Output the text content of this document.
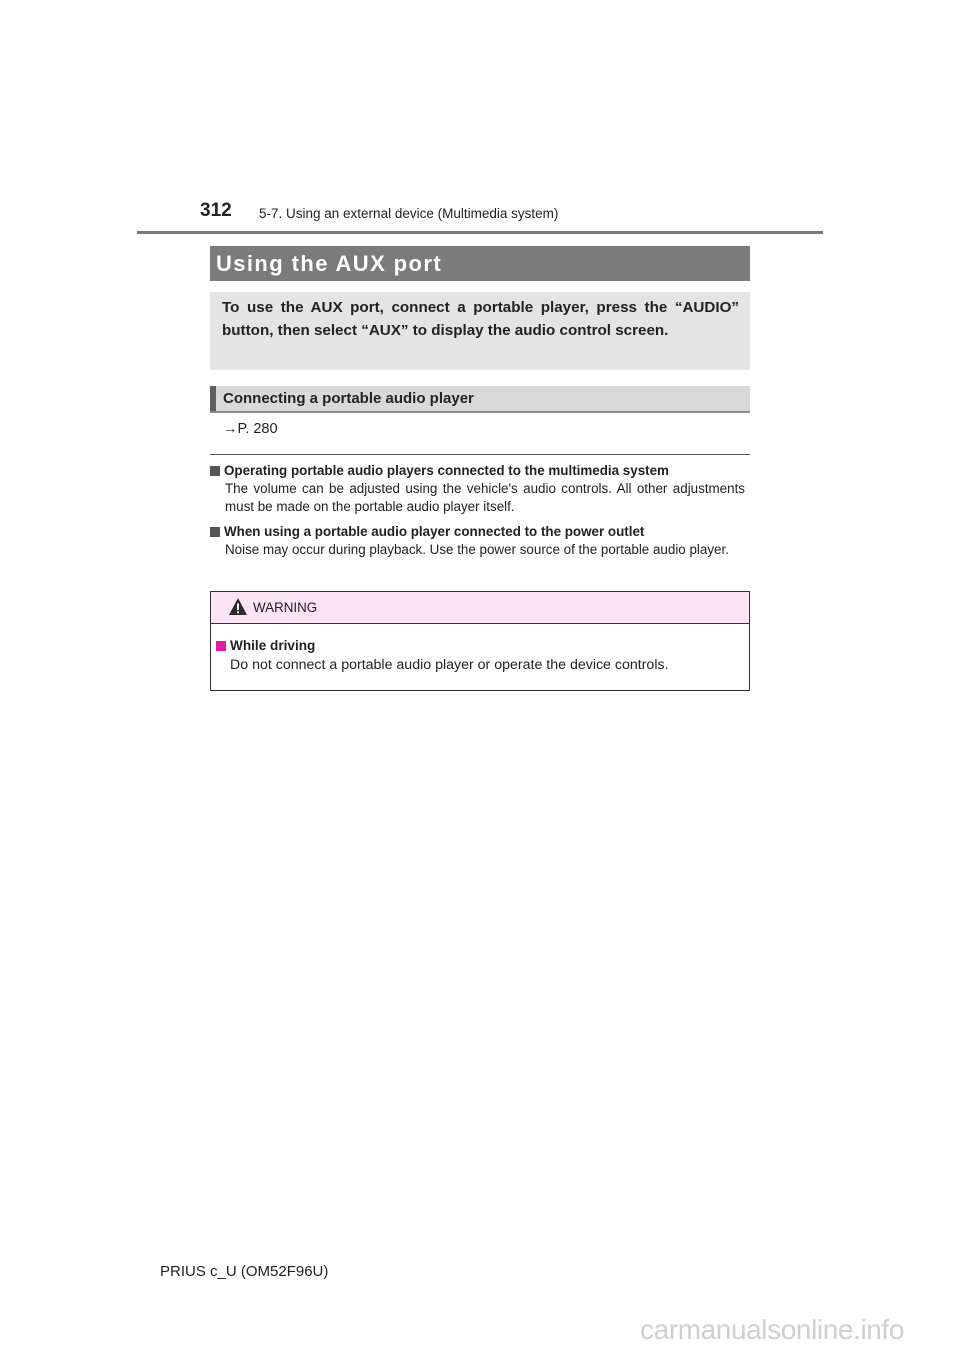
312 5-7. Using an external device (Multimedia system)
Using the AUX port
To use the AUX port, connect a portable player, press the “AUDIO” button, then select “AUX” to display the audio control screen.
Connecting a portable audio player
→P. 280
Operating portable audio players connected to the multimedia system
The volume can be adjusted using the vehicle's audio controls. All other adjustments must be made on the portable audio player itself.
When using a portable audio player connected to the power outlet
Noise may occur during playback. Use the power source of the portable audio player.
WARNING
While driving
Do not connect a portable audio player or operate the device controls.
PRIUS c_U (OM52F96U)
carmanualsonline.info
